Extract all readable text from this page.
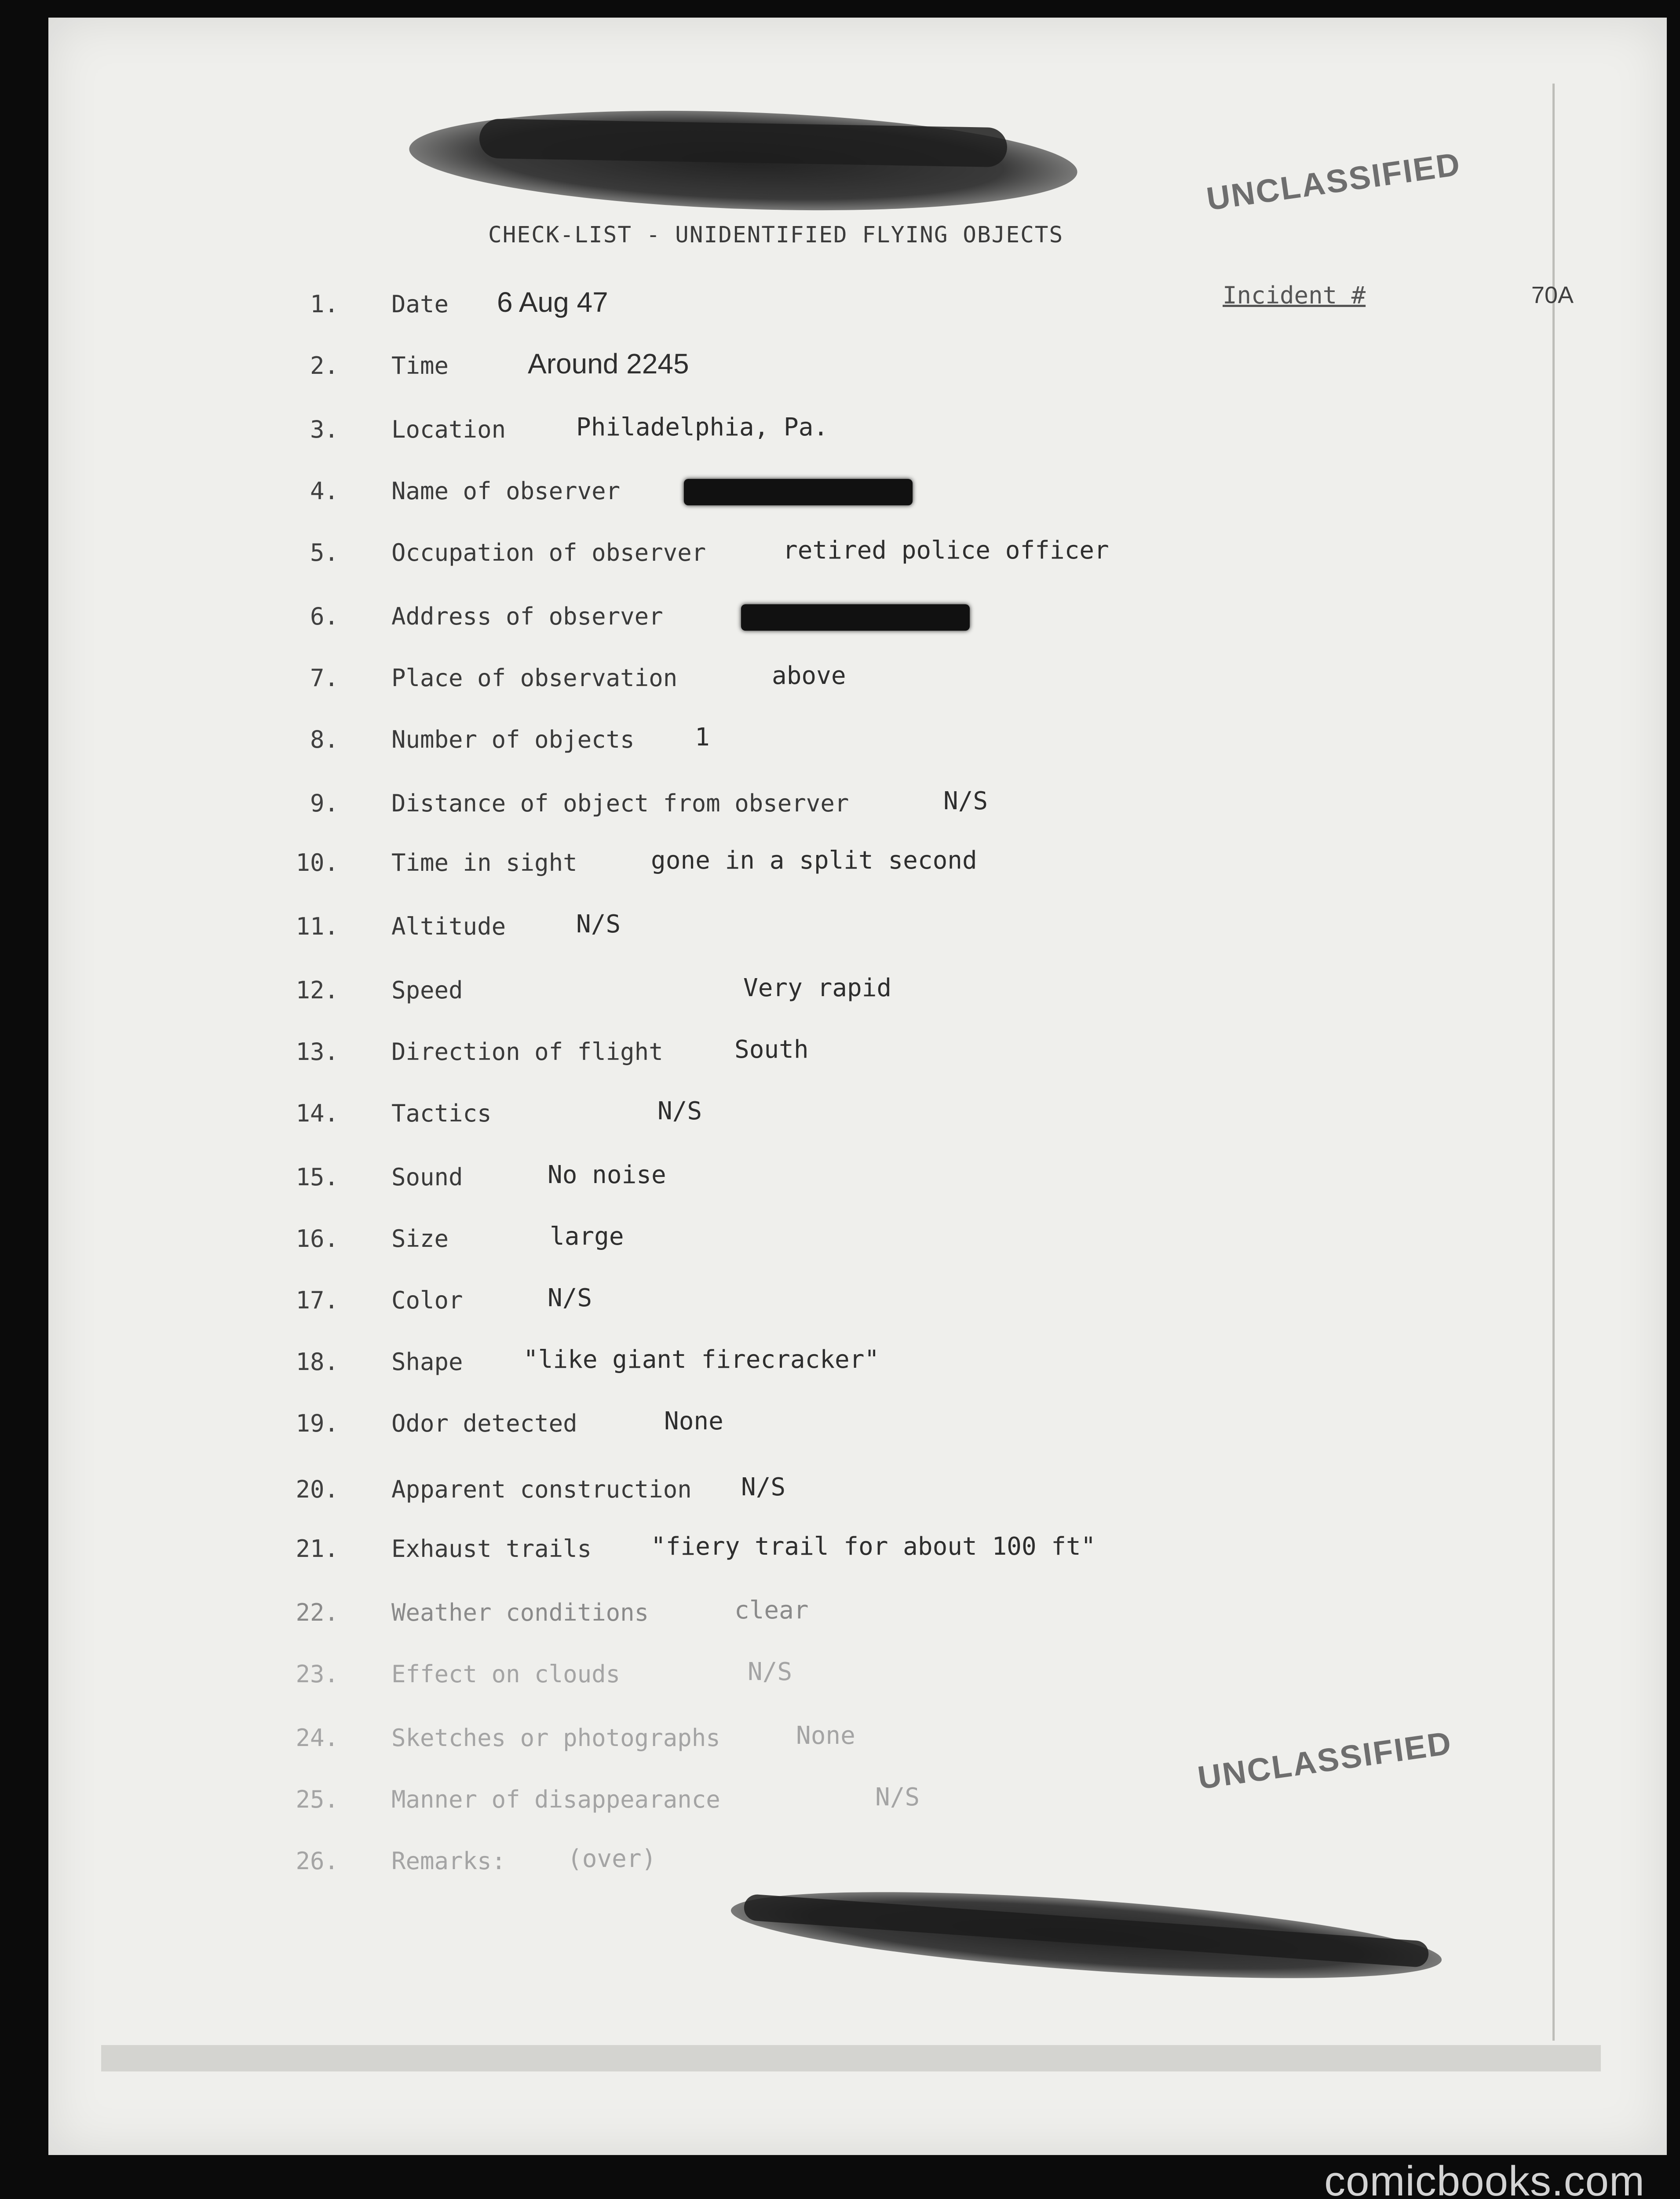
CHECK-LIST - UNIDENTIFIED FLYING OBJECTS
Incident #	70A
UNCLASSIFIED
UNCLASSIFIED
1. Date 6 Aug 47
2. Time	Around 2245
3. Location	Philadelphia, Pa.
4. Name of observer
5. Occupation of observer	retired police officer
6. Address of observer
7. Place of observation	above
8. Number of objects 1
9. Distance of object from observer	N/S
10. Time in sight	gone in a split second
11. Altitude	N/S
12. Speed	Very rapid
13. Direction of flight	South
14. Tactics	N/S
15. Sound	No noise
16. Size	large
17. Color	N/S
18. Shape "like giant firecracker"
19. Odor detected	None
20. Apparent construction N/S
21. Exhaust trails "fiery trail for about 100 ft"
22. Weather conditions	clear
23. Effect on clouds	N/S
24. Sketches or photographs	None
25. Manner of disappearance	N/S
26. Remarks: (over)
comicbooks.com
